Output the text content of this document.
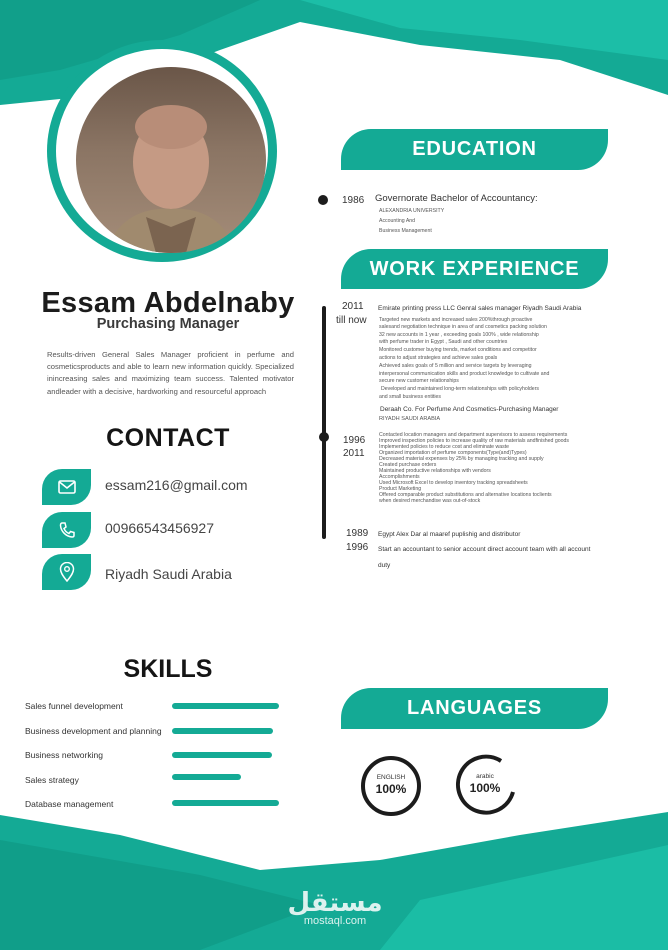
Essam Abdelnaby
Purchasing Manager
Results-driven General Sales Manager proficient in perfume and cosmeticsproducts and able to learn new information quickly. Specialized inincreasing sales and maximizing team success. Talented motivator andleader with a decisive, hardworking and resourceful approach
CONTACT
essam216@gmail.com
00966543456927
Riyadh Saudi Arabia
SKILLS
Sales funnel development
Business development and planning
Business networking
Sales strategy
Database management
EDUCATION
1986 Governorate Bachelor of Accountancy:
ALEXANDRIA UNIVERSITY
Accounting And
Business Management
WORK EXPERIENCE
2011
till now
Emirate printing press LLC Genral sales manager Riyadh Saudi Arabia
Targeted new markets and increased sales 200%through proactive
salesand negotiation technique in area of and cosmetics packing solution
32 new accounts in 1 year , exceeding goals 100% , wide relationship
with perfume trader in Egypt , Saudi and other countries
Monitored customer buying trends, market conditions and competitor
actions to adjust strategies and achieve sales goals
Achieved sales goals of 5 million and service targets by leveraging
interpersonal communication skills and product knowledge to cultivate and
secure new customer relationships
Developed and maintained long-term relationships with policyholders
and small business entities
Deraah Co. For Perfume And Cosmetics-Purchasing Manager
RIYADH SAUDI ARABIA
1996
2011
Contacted location managers and department supervisors to assess requirements
Improved inspection policies to increase quality of raw materials andfinished goods
Implemented policies to reduce cost and eliminate waste
Organized importation of perfume components(Type(and)Types)
Decreased material expenses by 25% by managing tracking and supply
Created purchase orders
Maintained productive relationships with vendors
Accomplishments
Used Microsoft Excel to develop inventory tracking spreadsheets
Product Marketing
Offered comparable product substitutions and alternative locations toclients
when desired merchandise was out-of-stock
1989
1996
Egypt Alex Dar al maaref puplishig and distributor
Start an accountant to senior account direct account team with all account
duty
LANGUAGES
ENGLISH
100%
arabic
100%
مستقل
mostaql.com
